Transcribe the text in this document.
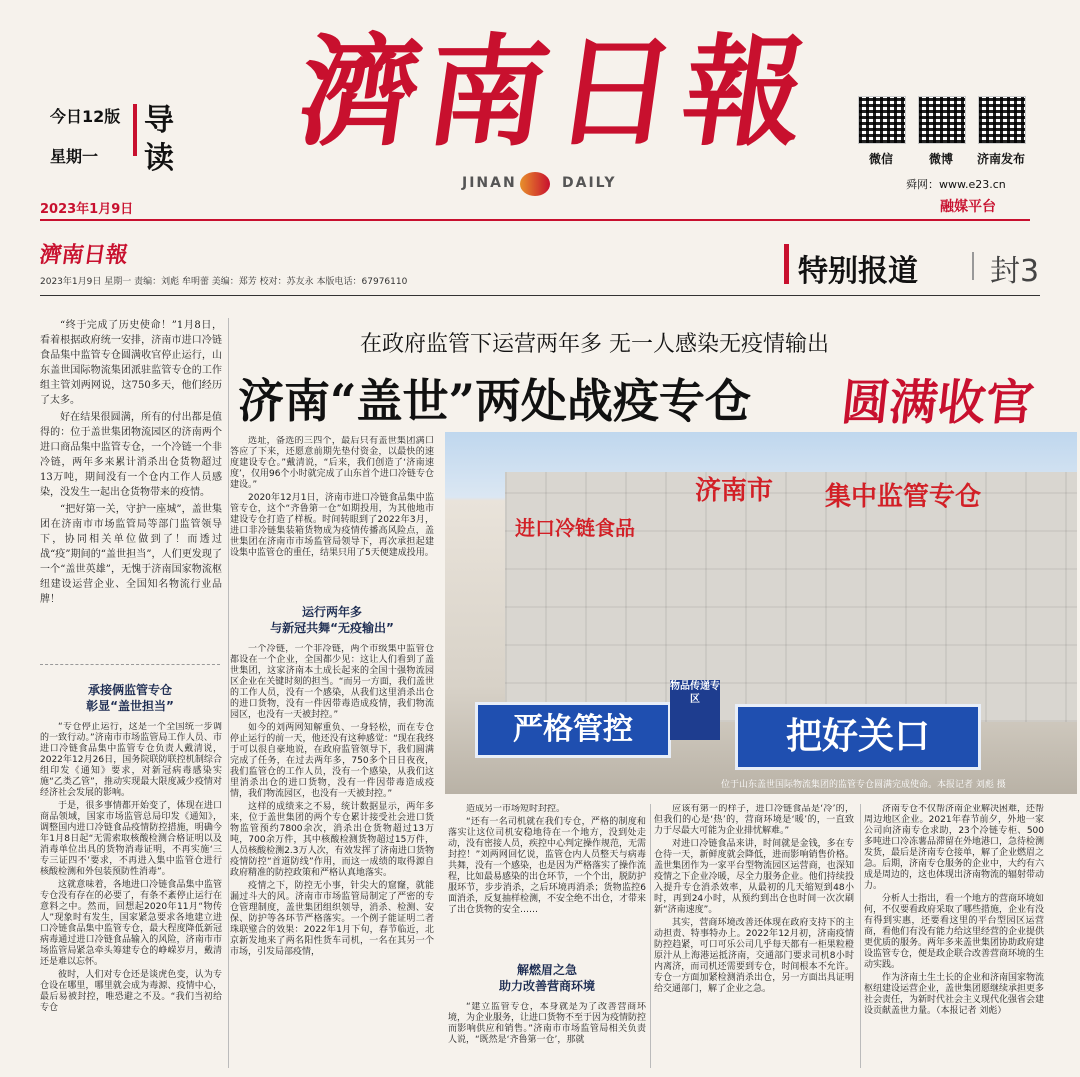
今日12版
星期一
导读
2023年1月9日
濟南日報
JINAN	DAILY
微信	微博	济南发布
舜网：www.e23.cn
融媒平台
濟南日報
2023年1月9日 星期一 责编：刘彪 牟明蕾 美编：郑芳 校对：苏友永 本版电话：67976110	特别报道 封3
在政府监管下运营两年多 无一人感染无疫情输出
济南“盖世”两处战疫专仓 圆满收官

“终于完成了历史使命！”1月8日，看着根据政府统一安排，济南市进口冷链食品集中监管专仓圆满收官停止运行，山东盖世国际物流集团派驻监管专仓的工作组主管刘两网说，这750多天，他们经历了太多。

好在结果很圆满，所有的付出都是值得的：位于盖世集团物流园区的济南两个进口商品集中监管专仓，一个冷链一个非冷链，两年多来累计消杀出仓货物超过13万吨，期间没有一个仓内工作人员感染，没发生一起出仓货物带来的疫情。

“把好第一关，守护一座城”，盖世集团在济南市市场监管局等部门监管领导下，协同相关单位做到了！而透过战“疫”期间的“盖世担当”，人们更发现了一个“盖世英雄”，无愧于济南国家物流枢纽建设运营企业、全国知名物流行业品牌！

承接俩监管专仓
彰显“盖世担当”

“专仓停止运行，这是一个全国统一步调的一致行动。”济南市市场监管局工作人员、市进口冷链食品集中监管专仓负责人戴清说，2022年12月26日，国务院联防联控机制综合组印发《通知》要求，对新冠病毒感染实施“乙类乙管”，推动实现最大限度减少疫情对经济社会发展的影响。

于是，很多事情都开始变了，体现在进口商品领域，国家市场监管总局印发《通知》，调整国内进口冷链食品疫情防控措施，明确今年1月8日起“无需索取核酸检测合格证明以及消毒单位出具的货物消毒证明，不再实施‘三专三证四不’要求，不再进入集中监管仓进行核酸检测和外包装预防性消毒”。

这就意味着，各地进口冷链食品集中监管专仓没有存在的必要了，有条不紊停止运行在意料之中。然而，回想起2020年11月“物传人”现象时有发生，国家紧急要求各地建立进口冷链食品集中监管专仓，最大程度降低新冠病毒通过进口冷链食品输入的风险，济南市市场监管局紧急牵头筹建专仓的峥嵘岁月，戴清还是难以忘怀。

彼时，人们对专仓还是谈虎色变，认为专仓设在哪里，哪里就会成为毒源、疫情中心，最后易被封控，唯恐避之不及。“我们当初给专仓

选址，备选的三四个，最后只有盖世集团满口答应了下来，还愿意前期先垫付资金，以最快的速度建设专仓。”戴清说，“后来，我们创造了‘济南速度’，仅用96个小时就完成了山东首个进口冷链专仓建设。”

2020年12月1日，济南市进口冷链食品集中监管专仓，这个“齐鲁第一仓”如期投用，为其他地市建设专仓打造了样板。时间转眼到了2022年3月，进口非冷链集装箱货物成为疫情传播高风险点，盖世集团在济南市市场监管局领导下，再次承担起建设集中监管仓的重任，结果只用了5天便建成投用。

运行两年多
与新冠共舞“无疫输出”

一个冷链，一个非冷链，两个市级集中监管仓都设在一个企业，全国都少见：这让人们看到了盖世集团，这家济南本土成长起来的全国十强物流园区企业在关键时刻的担当。“而另一方面，我们盖世的工作人员，没有一个感染，从我们这里消杀出仓的进口货物，没有一件因带毒造成疫情，我们物流园区，也没有一天被封控。”

如今的刘两网知解重负、一身轻松，而在专仓停止运行的前一天，他还没有这种感觉：“现在我终于可以很自豪地说，在政府监管领导下，我们圆满完成了任务，在过去两年多，750多个日日夜夜，我们监管仓的工作人员，没有一个感染，从我们这里消杀出仓的进口货物，没有一件因带毒造成疫情，我们物流园区，也没有一天被封控。”

这样的成绩来之不易，统计数据显示，两年多来，位于盖世集团的两个专仓累计接受社会进口货物监管预约7800余次，消杀出仓货物超过13万吨，700余万件，其中核酸检测货物超过15万件，人员核酸检测2.3万人次，有效发挥了济南进口货物疫情防控“首道防线”作用，而这一成绩的取得源自政府精准的防控政策和严格认真地落实。

疫情之下，防控无小事，针尖大的窟窿，就能漏过斗大的风。济南市市场监管局制定了严密的专仓管理制度，盖世集团组织领导，消杀、检测、安保、防护等各环节严格落实。一个例子能证明二者珠联璧合的效果：2022年1月下旬，春节临近，北京新发地来了两名阳性货车司机，一名在其另一个市场，引发局部疫情，

济南市
进口冷链食品
集中监管专仓
严格管控
物品传递专区
把好关口
位于山东盖世国际物流集团的监管专仓圆满完成使命。本报记者 刘彪 摄

造成另一市场短时封控。

“还有一名司机就在我们专仓，严格的制度和落实让这位司机安稳地待在一个地方，没到处走动，没有密接人员，疾控中心判定操作规范，无需封控！”刘两网回忆说，监管仓内人员整天与病毒共舞，没有一个感染，也是因为严格落实了操作流程，比如最易感染的出仓环节，一个个出，脱防护服环节，步步消杀，之后环境再消杀；货物监控6面消杀，反复抽样检测，不安全绝不出仓，才带来了出仓货物的安全……

解燃眉之急
助力改善营商环境

“建立监管专仓，本身就是为了改善营商环境，为企业服务，让进口货物不至于因为疫情防控而影响供应和销售。”济南市市场监管局相关负责人说，“既然是‘齐鲁第一仓’，那就

应该有第一的样子，进口冷链食品是‘冷’的，但我们的心是‘热’的，营商环境是‘暖’的，一直致力于尽最大可能为企业排忧解难。”

对进口冷链食品来讲，时间就是金钱，多在专仓待一天，新鲜度就会降低，进而影响销售价格。盖世集团作为一家平台型物流园区运营商，也深知疫情之下企业冷暖，尽全力服务企业。他们持续投入提升专仓消杀效率，从最初的几天缩短到48小时，再到24小时，从预约到出仓也时间一次次刷新“济南速度”。

其实，营商环境改善还体现在政府支持下的主动担责、特事特办上。2022年12月初，济南疫情防控趋紧，可口可乐公司几乎每天都有一柜果粒橙原汁从上海港运抵济南，交通部门要求司机8小时内离济，而司机还需要到专仓，时间根本不允许。专仓一方面加紧检测消杀出仓，另一方面出具证明给交通部门，解了企业之急。

济南专仓不仅帮济南企业解决困难，还帮周边地区企业。2021年春节前夕，外地一家公司向济南专仓求助，23个冷链专柜、500多吨进口冷冻薯品滞留在外地港口，急待检测发货，最后是济南专仓接单，解了企业燃眉之急。后期，济南专仓服务的企业中，大约有六成是周边的，这也体现出济南物流的辐射带动力。

分析人士指出，看一个地方的营商环境如何，不仅要看政府采取了哪些措施，企业有没有得到实惠，还要看这里的平台型园区运营商，看他们有没有能力给这里经营的企业提供更优质的服务。两年多来盖世集团协助政府建设监管专仓，便是政企联合改善营商环境的生动实践。

作为济南土生土长的企业和济南国家物流枢纽建设运营企业，盖世集团愿继续承担更多社会责任，为新时代社会主义现代化强省会建设贡献盖世力量。（本报记者 刘彪）
